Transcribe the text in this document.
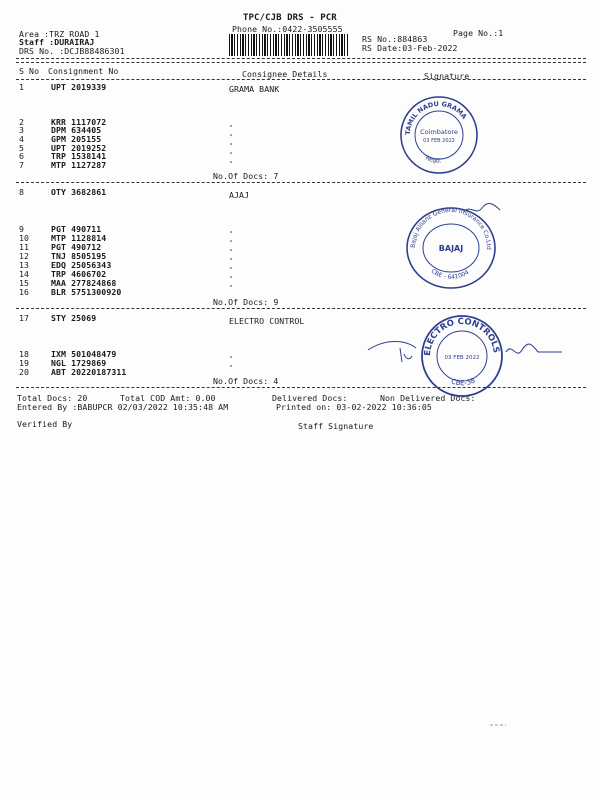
TPC/CJB DRS - PCR
Phone No.:0422-3505555	Page No.:1
Area :TRZ ROAD 1
Staff :DURAIRAJ
DRS No. :DCJB88486301
RS No.:884863
RS Date:03-Feb-2022
S No Consignment No	Consignee Details	Signature
1	UPT 2019339	GRAMA BANK
2	KRR 1117072
3	DPM 634405
4	GPM 205155
5	UPT 2019252
6	TRP 1538141
7	MTP 1127287
No.Of Docs: 7
8	OTY 3682861	AJAJ
9	PGT 490711
10	MTP 1128814
11	PGT 490712
12	TNJ 8505195
13	EDQ 25056343
14	TRP 4606702
15	MAA 277824868
16	BLR 5751300920
No.Of Docs: 9
17	STY 25069	ELECTRO CONTROL
18	IXM 501048479
19	NGL 1729869
20	ABT 20220187311
No.Of Docs: 4
Total Docs: 20	Total COD Amt: 0.00	Delivered Docs:	Non Delivered Docs:
Entered By :BABUPCR 02/03/2022 10:35:48 AM	Printed on: 03-02-2022 10:36:05
Verified By	Staff Signature
TAMIL NADU GRAMA
Coimbatore
03 FEB 2022
Regd.
Bajaj Allianz General Insurance Co.Ltd
BAJAJ
CBE - 641004
ELECTRO CONTROLS
03 FEB 2022
CBE-38
